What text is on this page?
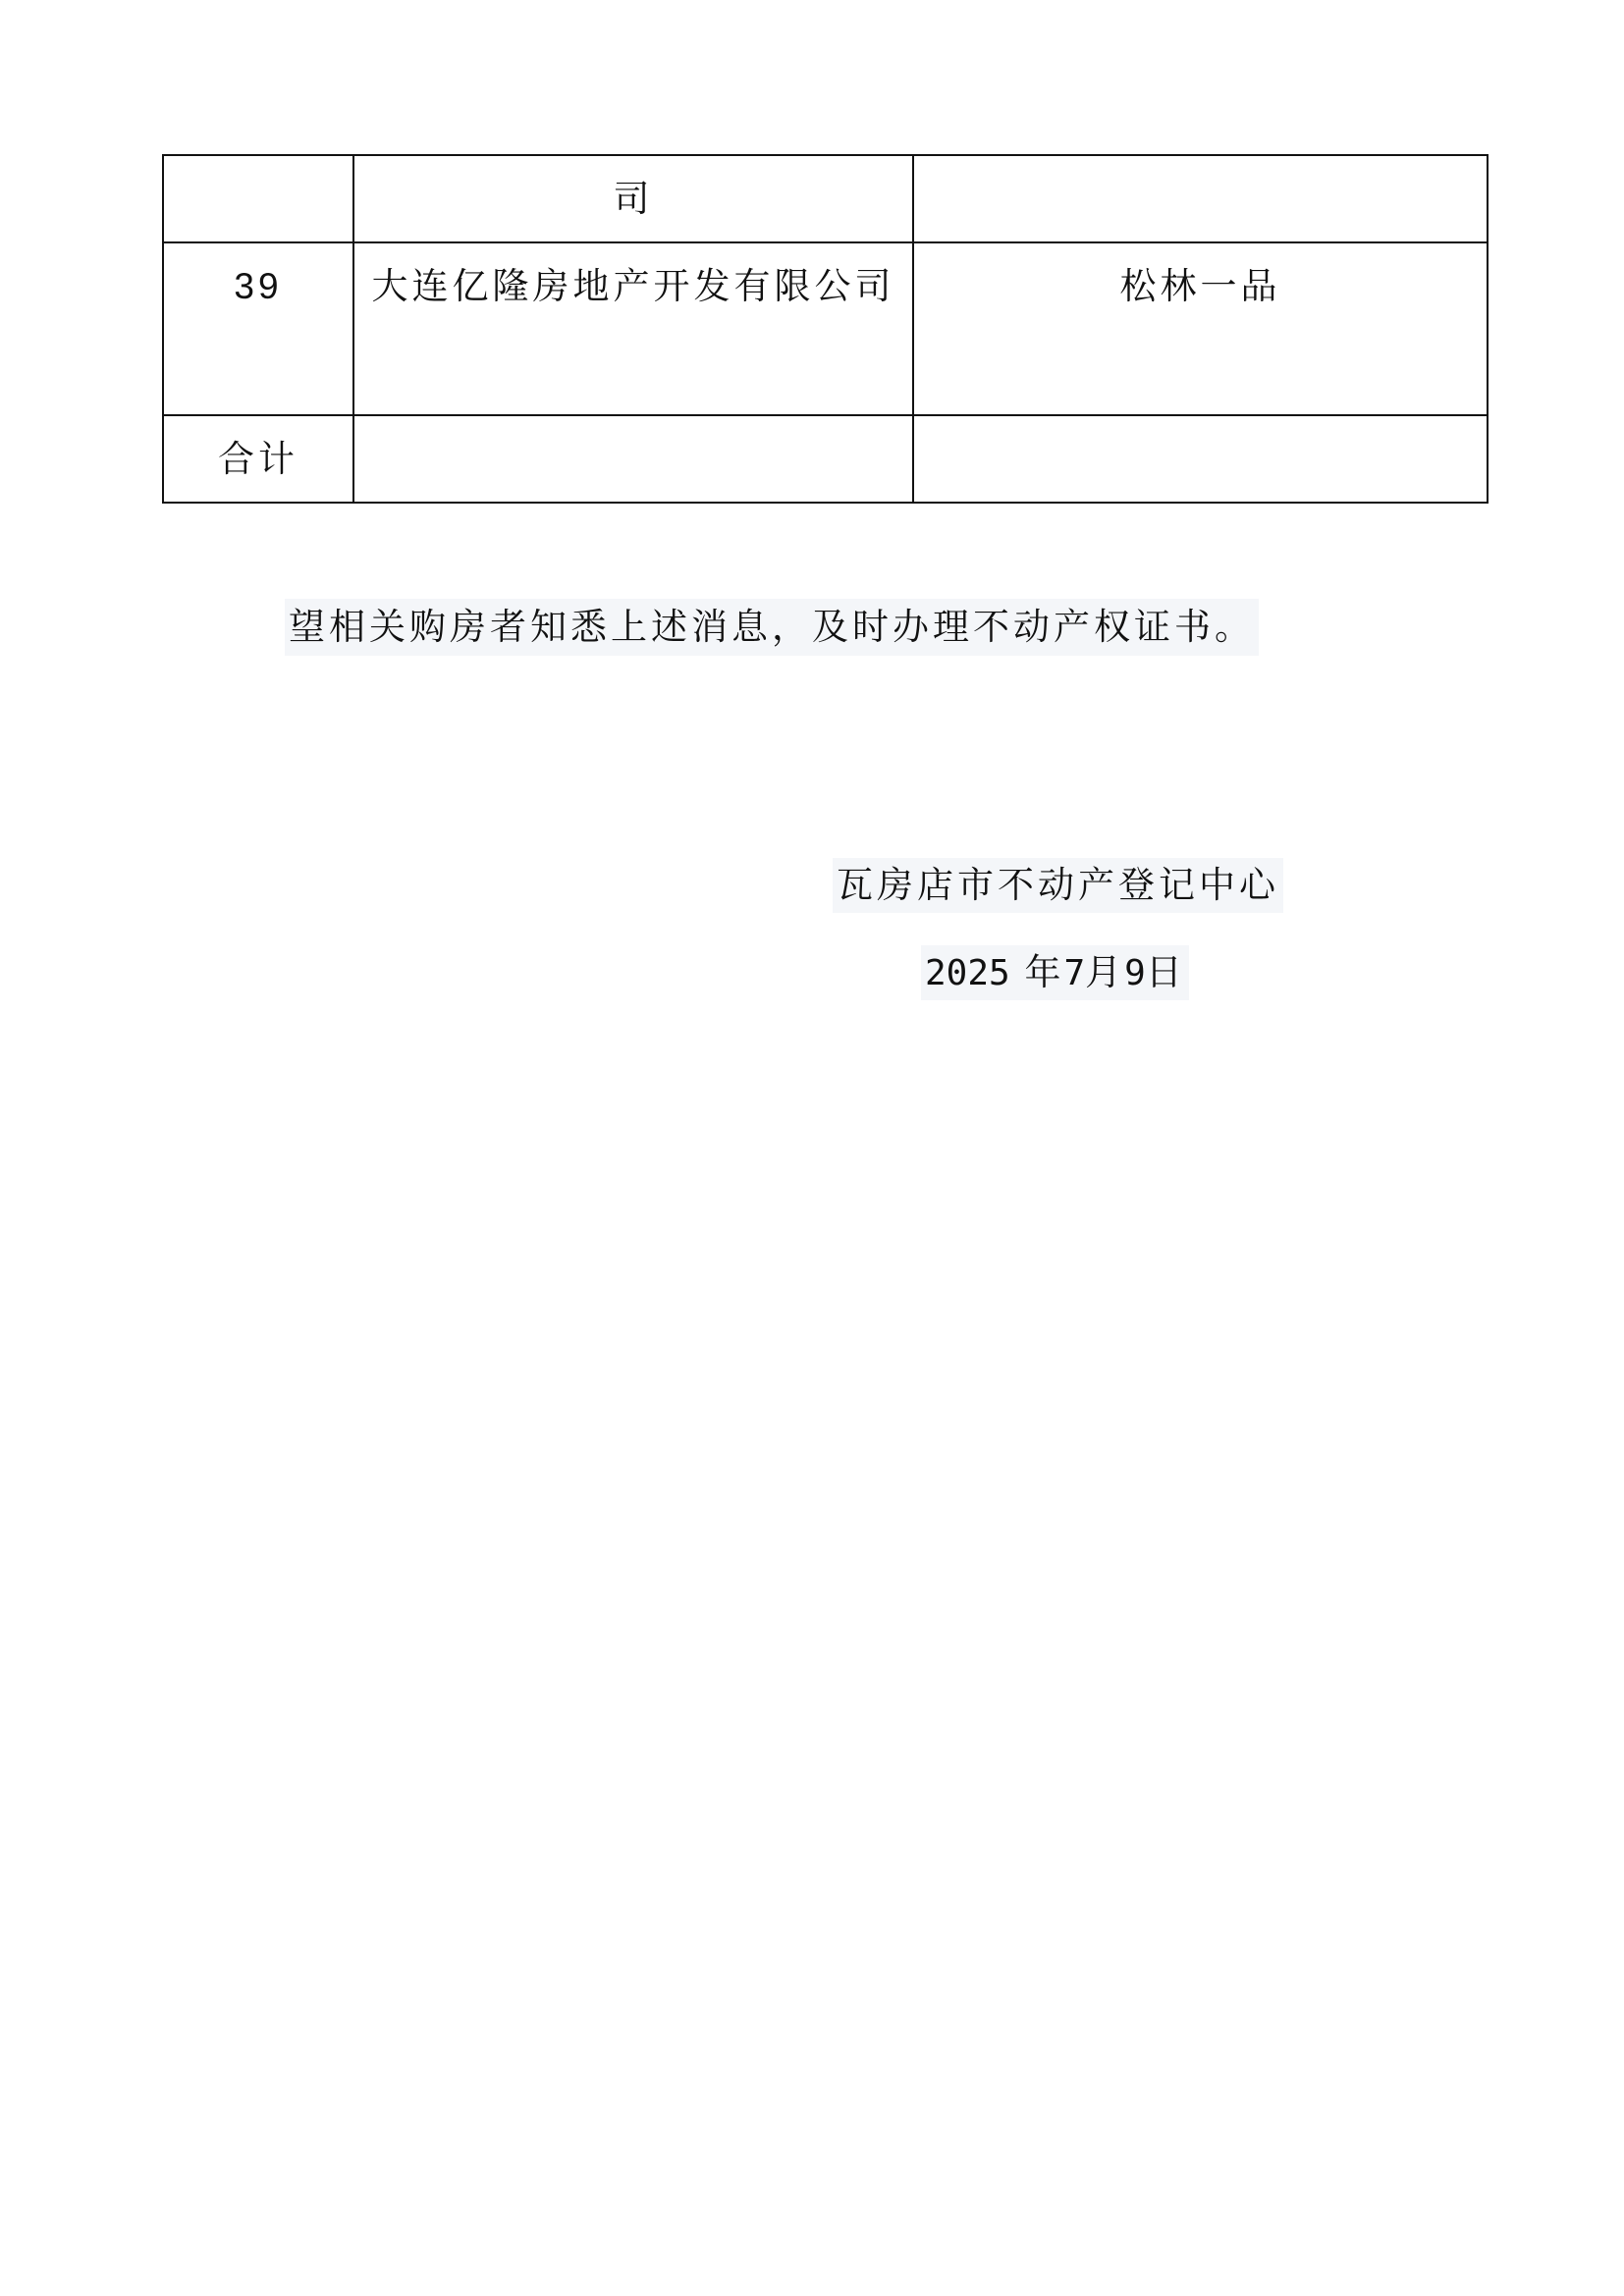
	司	
39	大连亿隆房地产开发有限公司	松林一品
合计		
望相关购房者知悉上述消息，及时办理不动产权证书。
瓦房店市不动产登记中心
2025 年7月9日
